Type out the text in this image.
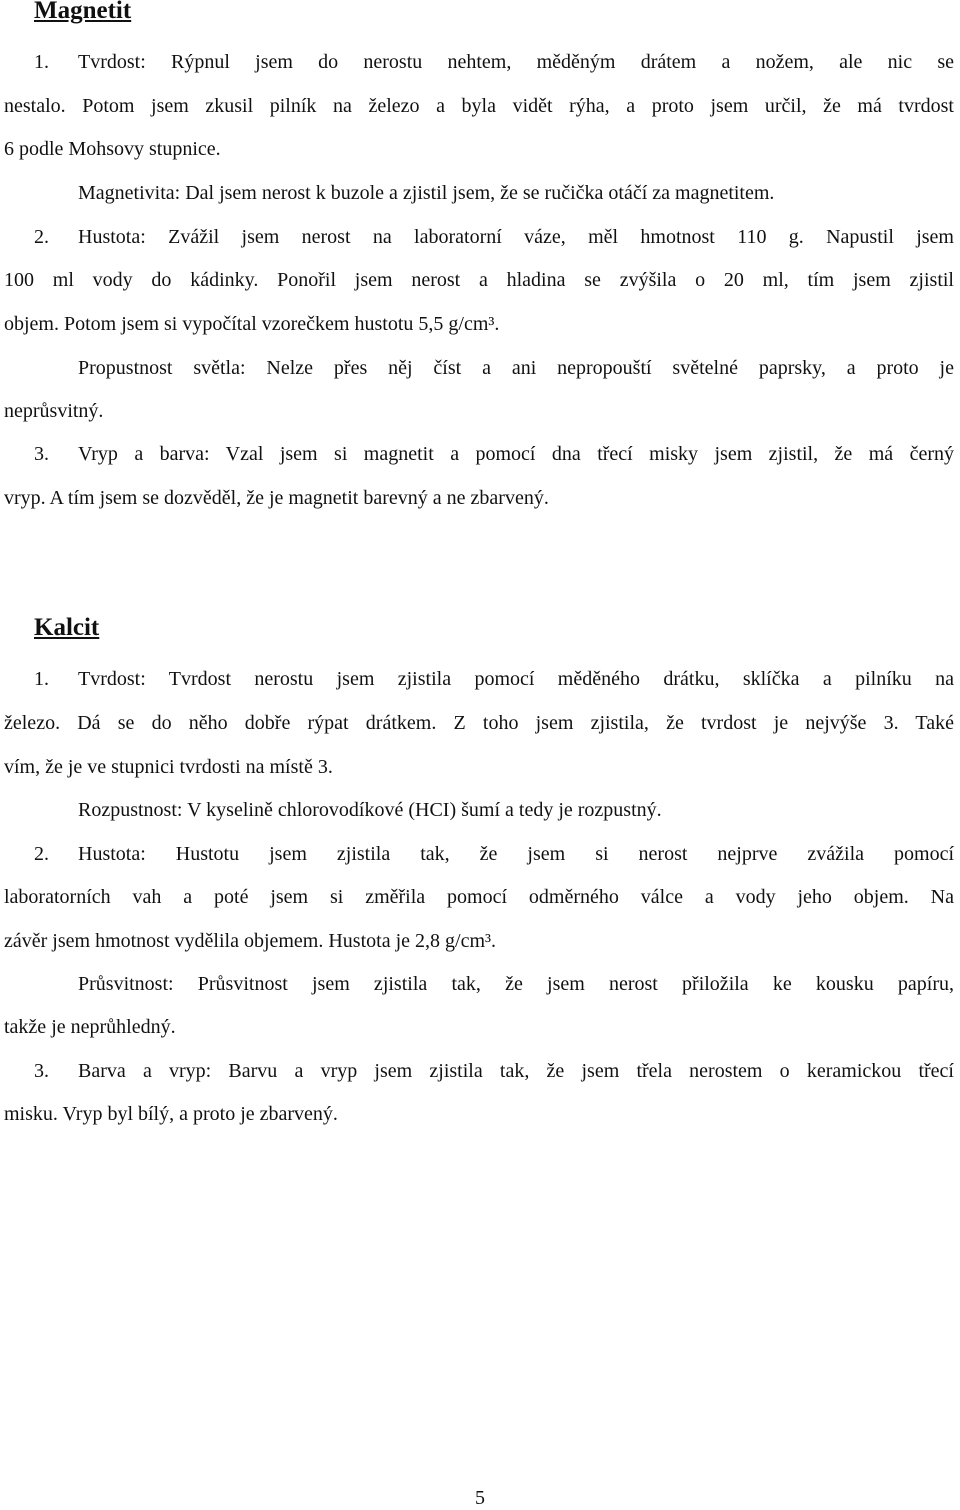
Magnetit
1. Tvrdost: Rýpnul jsem do nerostu nehtem, měděným drátem a nožem, ale nic se
nestalo. Potom jsem zkusil pilník na železo a byla vidět rýha, a proto jsem určil, že má tvrdost
6 podle Mohsovy stupnice.
Magnetivita: Dal jsem nerost k buzole a zjistil jsem, že se ručička otáčí za magnetitem.
2. Hustota: Zvážil jsem nerost na laboratorní váze, měl hmotnost 110 g. Napustil jsem
100 ml vody do kádinky. Ponořil jsem nerost a hladina se zvýšila o 20 ml, tím jsem zjistil
objem. Potom jsem si vypočítal vzorečkem hustotu 5,5 g/cm³.
Propustnost světla: Nelze přes něj číst a ani nepropouští světelné paprsky, a proto je
neprůsvitný.
3. Vryp a barva: Vzal jsem si magnetit a pomocí dna třecí misky jsem zjistil, že má černý
vryp. A tím jsem se dozvěděl, že je magnetit barevný a ne zbarvený.
Kalcit
1. Tvrdost: Tvrdost nerostu jsem zjistila pomocí měděného drátku, sklíčka a pilníku na
železo. Dá se do něho dobře rýpat drátkem. Z toho jsem zjistila, že tvrdost je nejvýše 3. Také
vím, že je ve stupnici tvrdosti na místě 3.
Rozpustnost: V kyselině chlorovodíkové (HCI) šumí a tedy je rozpustný.
2. Hustota: Hustotu jsem zjistila tak, že jsem si nerost nejprve zvážila pomocí
laboratorních vah a poté jsem si změřila pomocí odměrného válce a vody jeho objem. Na
závěr jsem hmotnost vydělila objemem. Hustota je 2,8 g/cm³.
Průsvitnost: Průsvitnost jsem zjistila tak, že jsem nerost přiložila ke kousku papíru,
takže je neprůhledný.
3. Barva a vryp: Barvu a vryp jsem zjistila tak, že jsem třela nerostem o keramickou třecí
misku. Vryp byl bílý, a proto je zbarvený.
5
